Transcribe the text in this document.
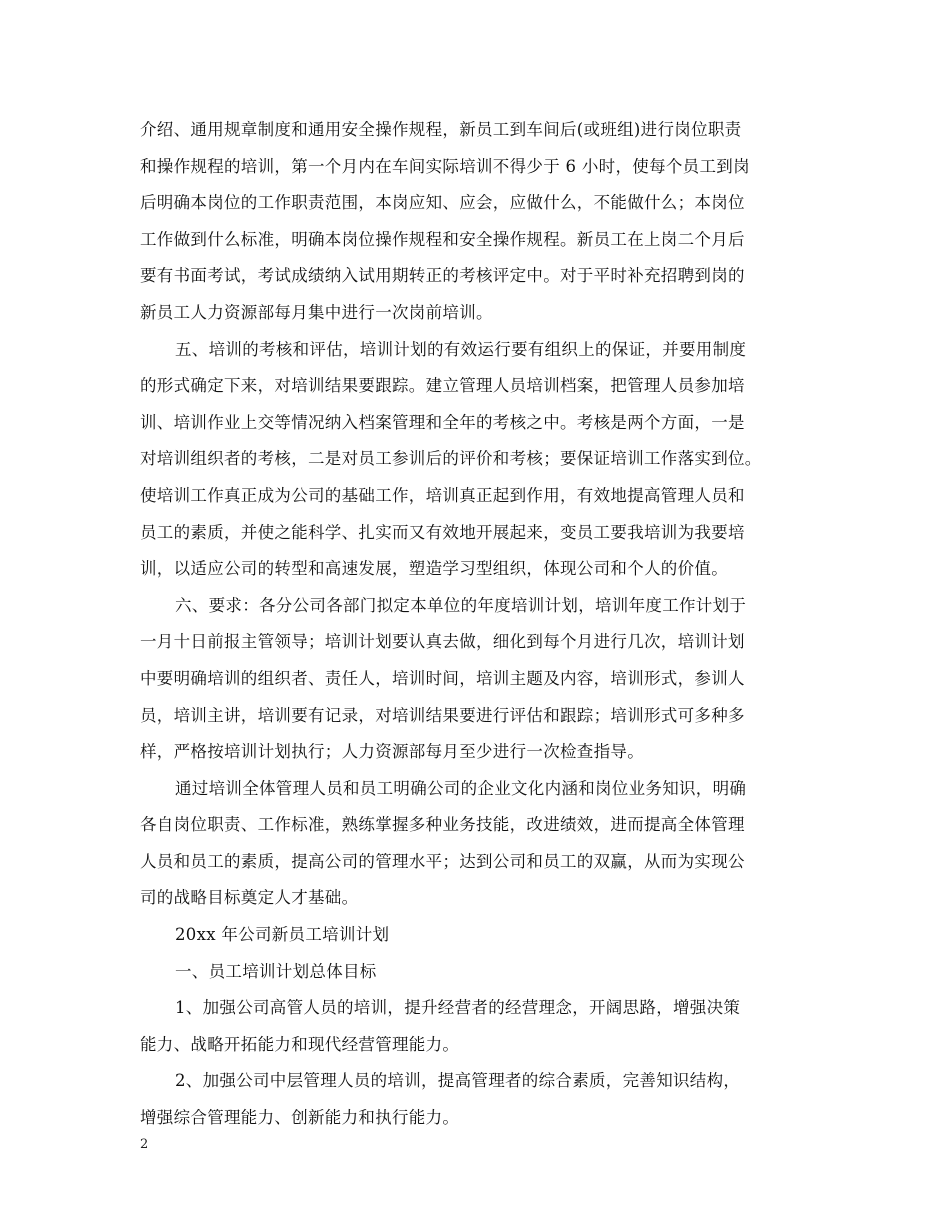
介绍、通用规章制度和通用安全操作规程，新员工到车间后(或班组)进行岗位职责
和操作规程的培训，第一个月内在车间实际培训不得少于 6 小时，使每个员工到岗
后明确本岗位的工作职责范围，本岗应知、应会，应做什么，不能做什么；本岗位
工作做到什么标准，明确本岗位操作规程和安全操作规程。新员工在上岗二个月后
要有书面考试，考试成绩纳入试用期转正的考核评定中。对于平时补充招聘到岗的
新员工人力资源部每月集中进行一次岗前培训。
五、培训的考核和评估，培训计划的有效运行要有组织上的保证，并要用制度
的形式确定下来，对培训结果要跟踪。建立管理人员培训档案，把管理人员参加培
训、培训作业上交等情况纳入档案管理和全年的考核之中。考核是两个方面，一是
对培训组织者的考核，二是对员工参训后的评价和考核；要保证培训工作落实到位。
使培训工作真正成为公司的基础工作，培训真正起到作用，有效地提高管理人员和
员工的素质，并使之能科学、扎实而又有效地开展起来，变员工要我培训为我要培
训，以适应公司的转型和高速发展，塑造学习型组织，体现公司和个人的价值。
六、要求：各分公司各部门拟定本单位的年度培训计划，培训年度工作计划于
一月十日前报主管领导；培训计划要认真去做，细化到每个月进行几次，培训计划
中要明确培训的组织者、责任人，培训时间，培训主题及内容，培训形式，参训人
员，培训主讲，培训要有记录，对培训结果要进行评估和跟踪；培训形式可多种多
样，严格按培训计划执行；人力资源部每月至少进行一次检查指导。
通过培训全体管理人员和员工明确公司的企业文化内涵和岗位业务知识，明确
各自岗位职责、工作标准，熟练掌握多种业务技能，改进绩效，进而提高全体管理
人员和员工的素质，提高公司的管理水平；达到公司和员工的双赢，从而为实现公
司的战略目标奠定人才基础。
20xx 年公司新员工培训计划
一、员工培训计划总体目标
1、加强公司高管人员的培训，提升经营者的经营理念，开阔思路，增强决策
能力、战略开拓能力和现代经营管理能力。
2、加强公司中层管理人员的培训，提高管理者的综合素质，完善知识结构，
增强综合管理能力、创新能力和执行能力。
2
